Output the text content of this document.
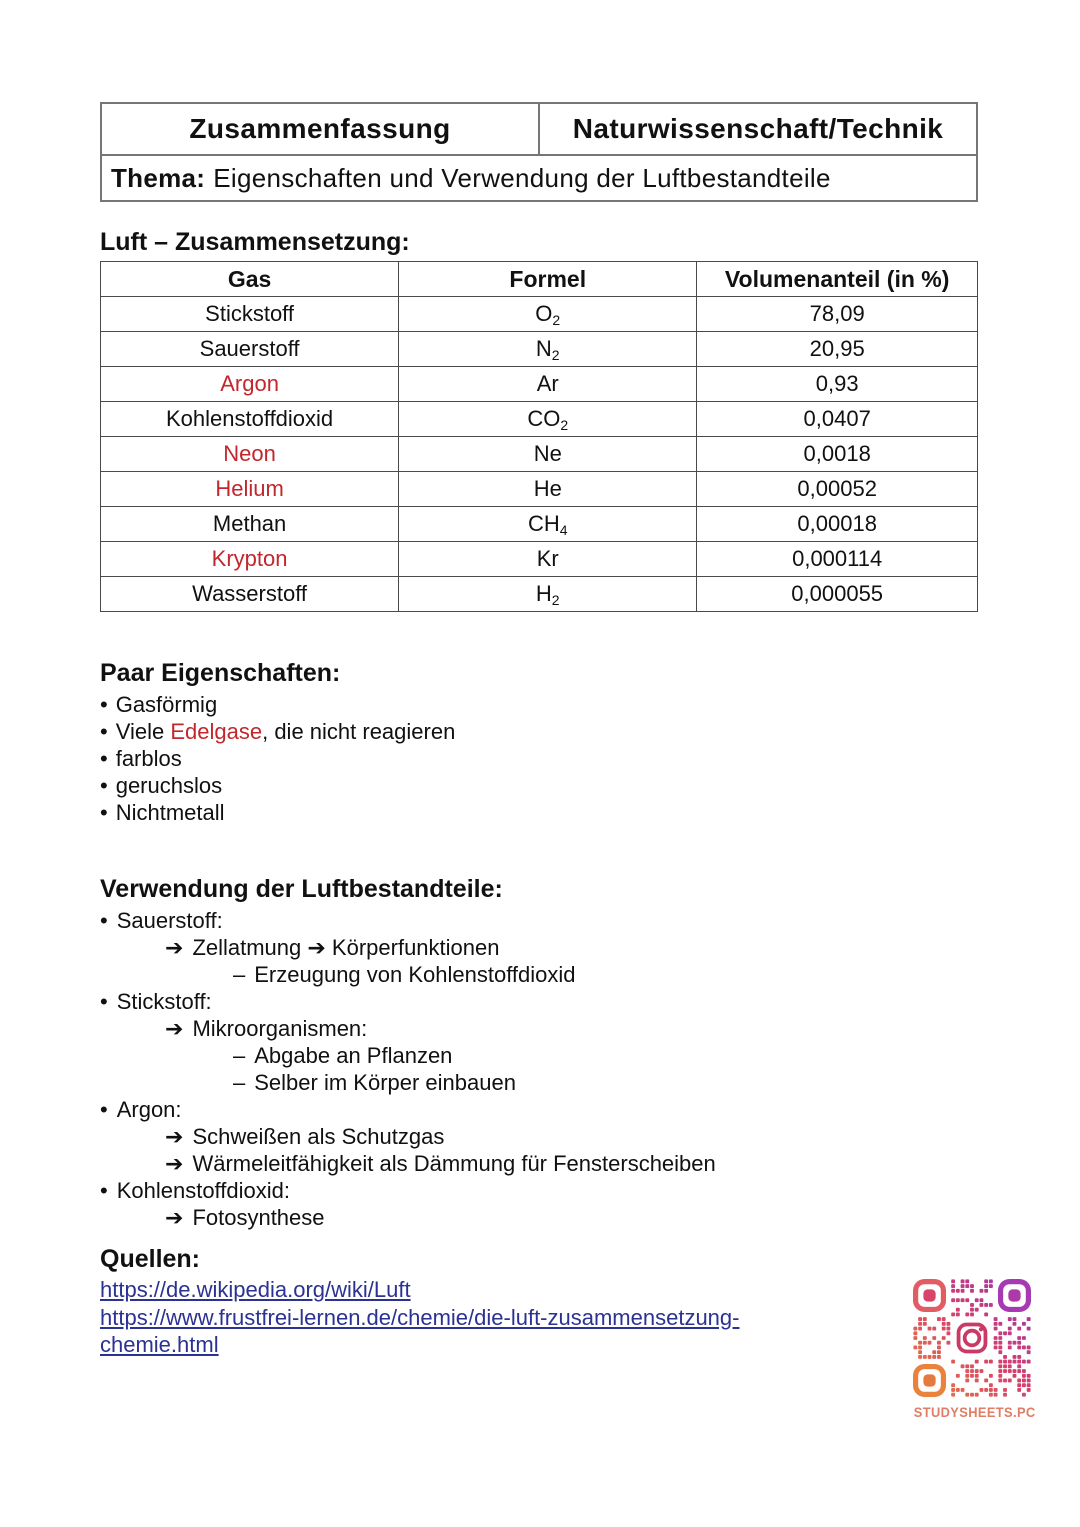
Zusammenfassung	Naturwissenschaft/Technik
Thema: Eigenschaften und Verwendung der Luftbestandteile
Luft – Zusammensetzung:
Gas	Formel	Volumenanteil (in %)
Stickstoff	$O_2$	78,09
Sauerstoff	$N_2$	20,95
Argon	Ar	0,93
Kohlenstoffdioxid	$CO_2$	0,0407
Neon	Ne	0,0018
Helium	He	0,00052
Methan	$CH_4$	0,00018
Krypton	Kr	0,000114
Wasserstoff	$H_2$	0,000055
Paar Eigenschaften:
• Gasförmig
• Viele Edelgase, die nicht reagieren
• farblos
• geruchslos
• Nichtmetall
Verwendung der Luftbestandteile:
• Sauerstoff:
➔ Zellatmung ➔ Körperfunktionen
– Erzeugung von Kohlenstoffdioxid
• Stickstoff:
➔ Mikroorganismen:
– Abgabe an Pflanzen
– Selber im Körper einbauen
• Argon:
➔ Schweißen als Schutzgas
➔ Wärmeleitfähigkeit als Dämmung für Fensterscheiben
• Kohlenstoffdioxid:
➔ Fotosynthese
Quellen:
https://de.wikipedia.org/wiki/Luft
https://www.frustfrei-lernen.de/chemie/die-luft-zusammensetzung-chemie.html
STUDYSHEETS.PC
